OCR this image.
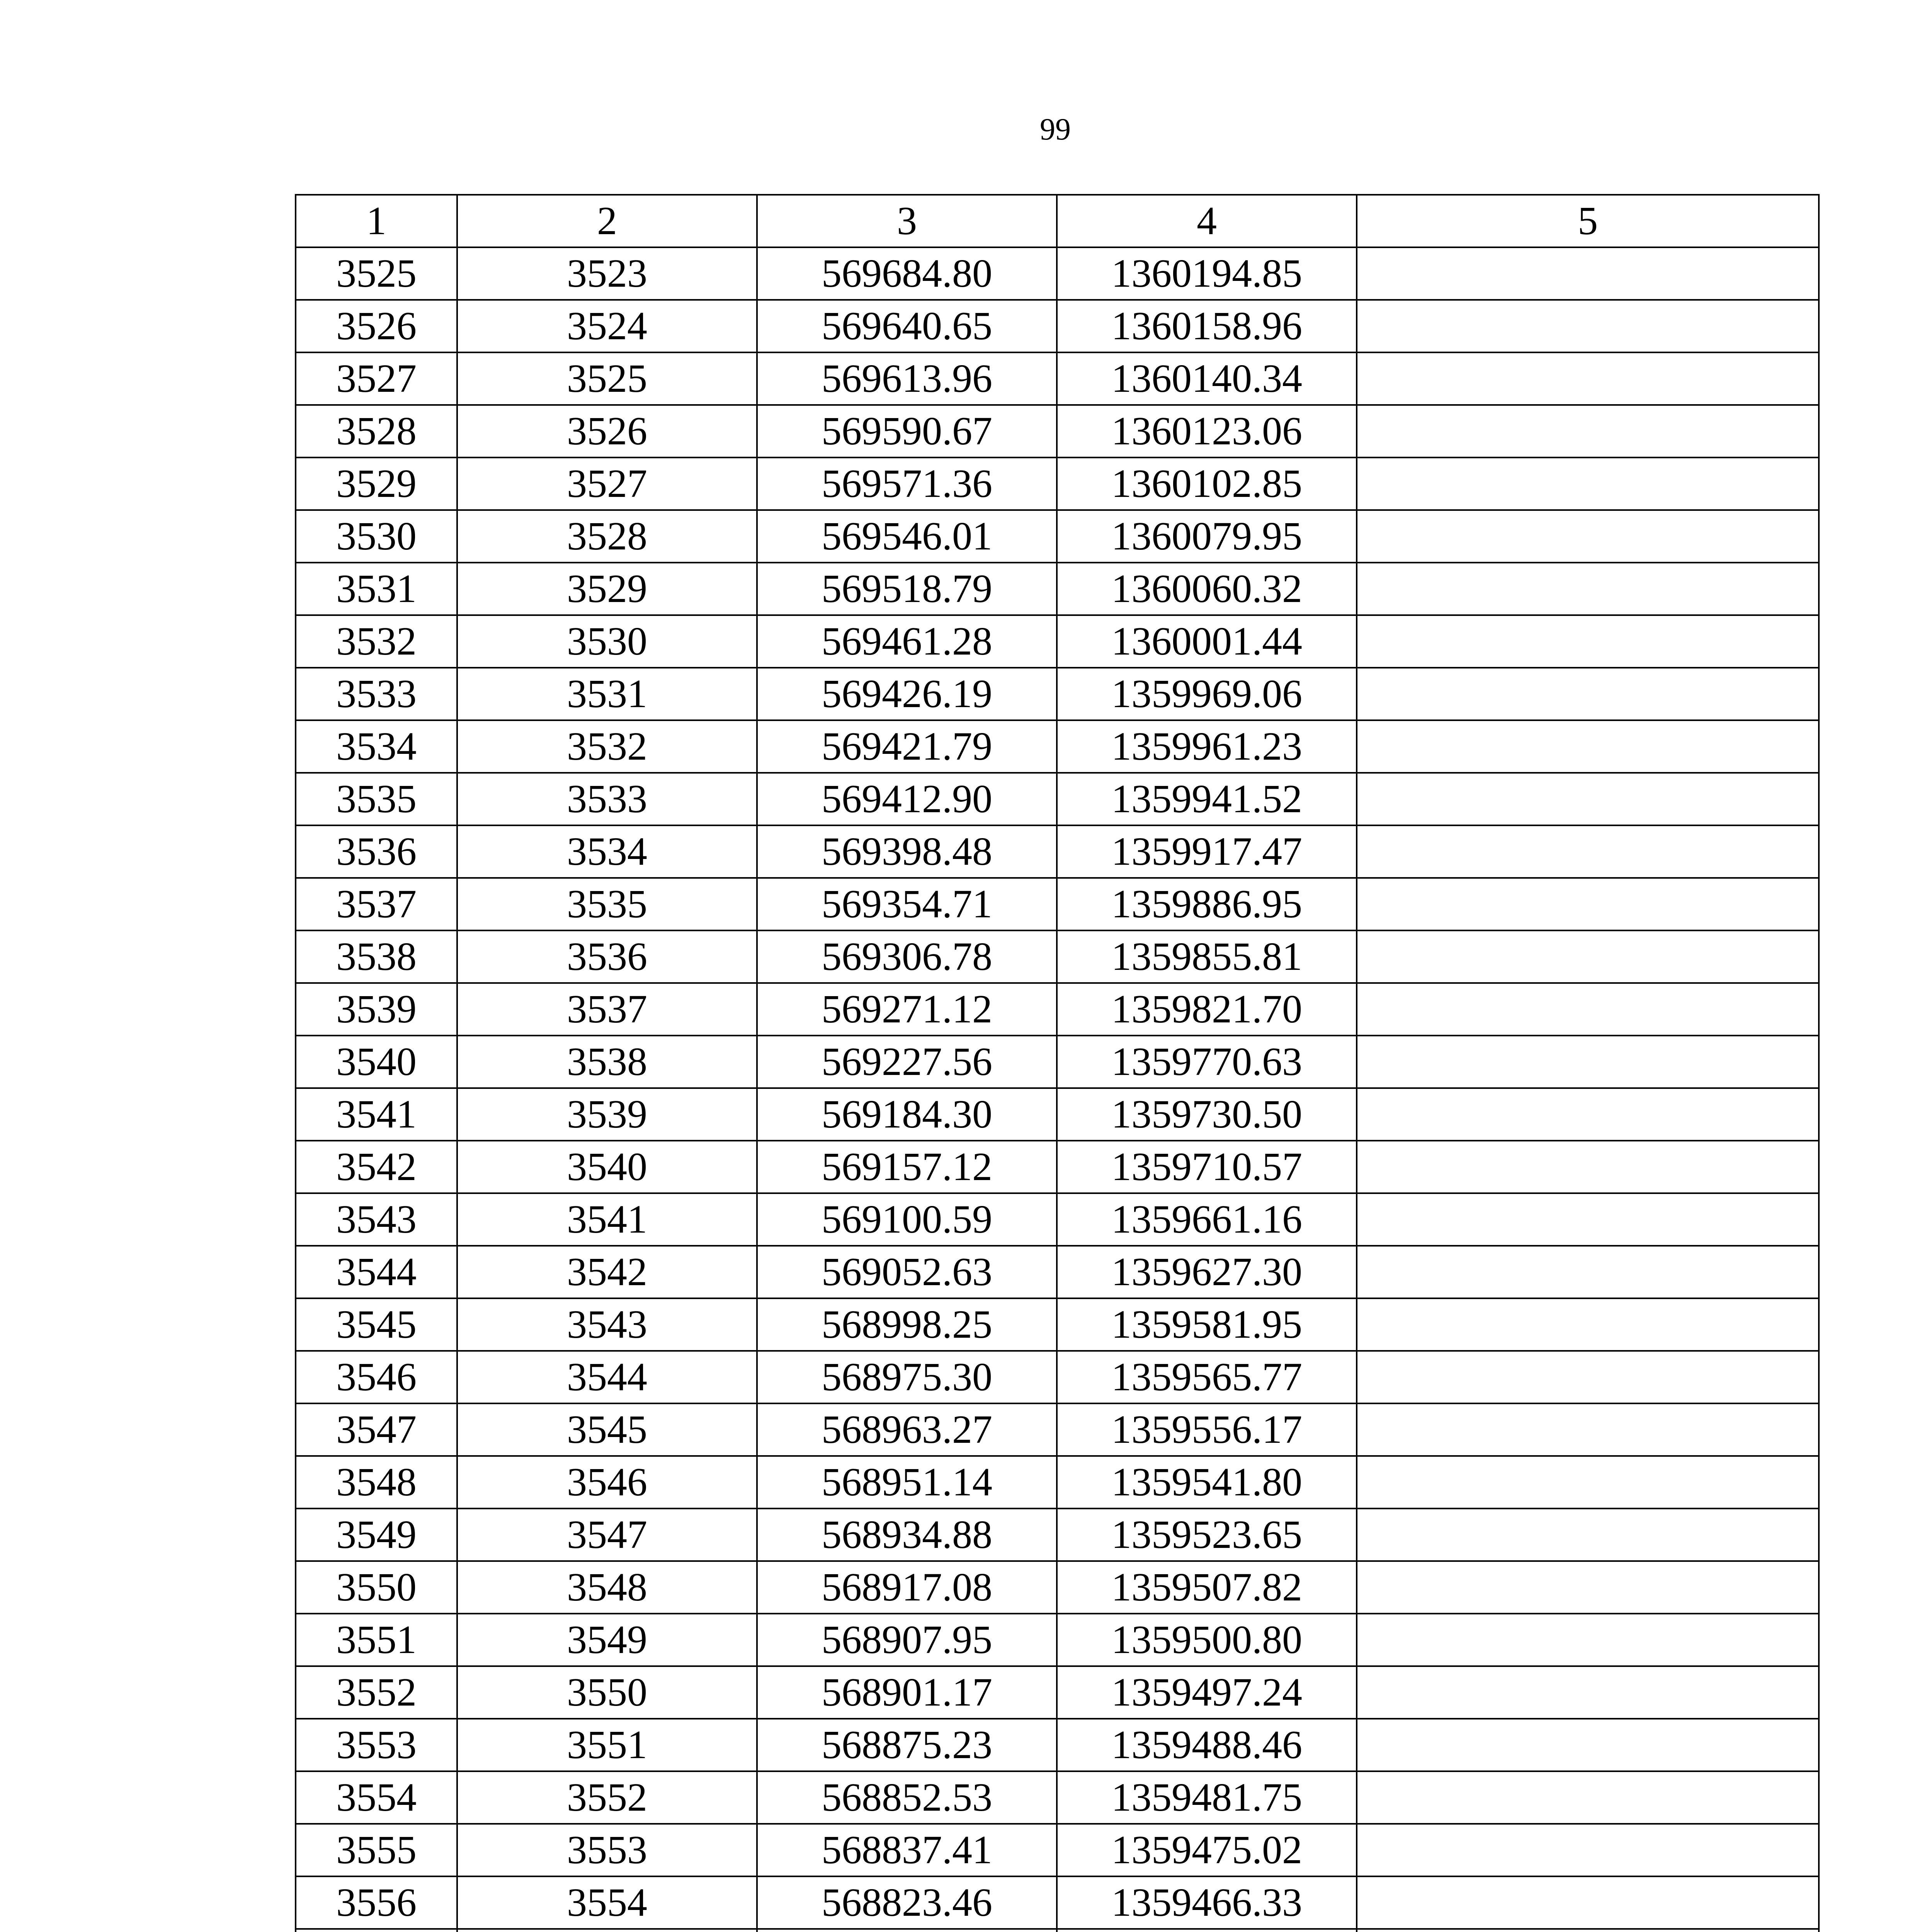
99
1	2	3	4	5
3525	3523	569684.80	1360194.85	
3526	3524	569640.65	1360158.96	
3527	3525	569613.96	1360140.34	
3528	3526	569590.67	1360123.06	
3529	3527	569571.36	1360102.85	
3530	3528	569546.01	1360079.95	
3531	3529	569518.79	1360060.32	
3532	3530	569461.28	1360001.44	
3533	3531	569426.19	1359969.06	
3534	3532	569421.79	1359961.23	
3535	3533	569412.90	1359941.52	
3536	3534	569398.48	1359917.47	
3537	3535	569354.71	1359886.95	
3538	3536	569306.78	1359855.81	
3539	3537	569271.12	1359821.70	
3540	3538	569227.56	1359770.63	
3541	3539	569184.30	1359730.50	
3542	3540	569157.12	1359710.57	
3543	3541	569100.59	1359661.16	
3544	3542	569052.63	1359627.30	
3545	3543	568998.25	1359581.95	
3546	3544	568975.30	1359565.77	
3547	3545	568963.27	1359556.17	
3548	3546	568951.14	1359541.80	
3549	3547	568934.88	1359523.65	
3550	3548	568917.08	1359507.82	
3551	3549	568907.95	1359500.80	
3552	3550	568901.17	1359497.24	
3553	3551	568875.23	1359488.46	
3554	3552	568852.53	1359481.75	
3555	3553	568837.41	1359475.02	
3556	3554	568823.46	1359466.33	
